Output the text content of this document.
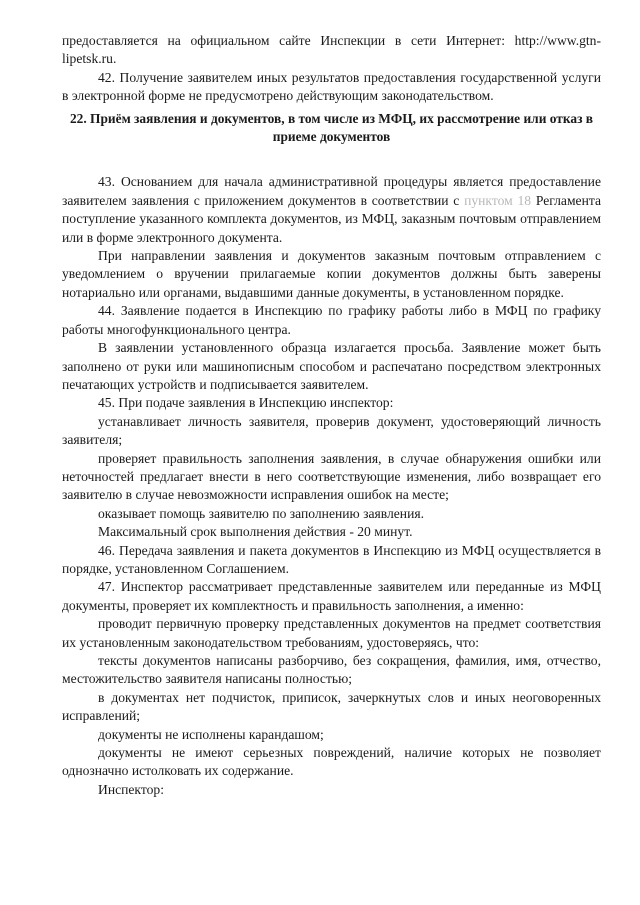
предоставляется на официальном сайте Инспекции в сети Интернет: http://www.gtn-lipetsk.ru.

42. Получение заявителем иных результатов предоставления государственной услуги в электронной форме не предусмотрено действующим законодательством.

22. Приём заявления и документов, в том числе из МФЦ, их рассмотрение или отказ в приеме документов

43. Основанием для начала административной процедуры является предоставление заявителем заявления с приложением документов в соответствии с пунктом 18 Регламента поступление указанного комплекта документов, из МФЦ, заказным почтовым отправлением или в форме электронного документа.

При направлении заявления и документов заказным почтовым отправлением с уведомлением о вручении прилагаемые копии документов должны быть заверены нотариально или органами, выдавшими данные документы, в установленном порядке.

44. Заявление подается в Инспекцию по графику работы либо в МФЦ по графику работы многофункционального центра.

В заявлении установленного образца излагается просьба. Заявление может быть заполнено от руки или машинописным способом и распечатано посредством электронных печатающих устройств и подписывается заявителем.

45. При подаче заявления в Инспекцию инспектор:

устанавливает личность заявителя, проверив документ, удостоверяющий личность заявителя;

проверяет правильность заполнения заявления, в случае обнаружения ошибки или неточностей предлагает внести в него соответствующие изменения, либо возвращает его заявителю в случае невозможности исправления ошибок на месте;

оказывает помощь заявителю по заполнению заявления.

Максимальный срок выполнения действия - 20 минут.

46. Передача заявления и пакета документов в Инспекцию из МФЦ осуществляется в порядке, установленном Соглашением.

47. Инспектор рассматривает представленные заявителем или переданные из МФЦ документы, проверяет их комплектность и правильность заполнения, а именно:

проводит первичную проверку представленных документов на предмет соответствия их установленным законодательством требованиям, удостоверяясь, что:

тексты документов написаны разборчиво, без сокращения, фамилия, имя, отчество, местожительство заявителя написаны полностью;

в документах нет подчисток, приписок, зачеркнутых слов и иных неоговоренных исправлений;

документы не исполнены карандашом;

документы не имеют серьезных повреждений, наличие которых не позволяет однозначно истолковать их содержание.

Инспектор:
